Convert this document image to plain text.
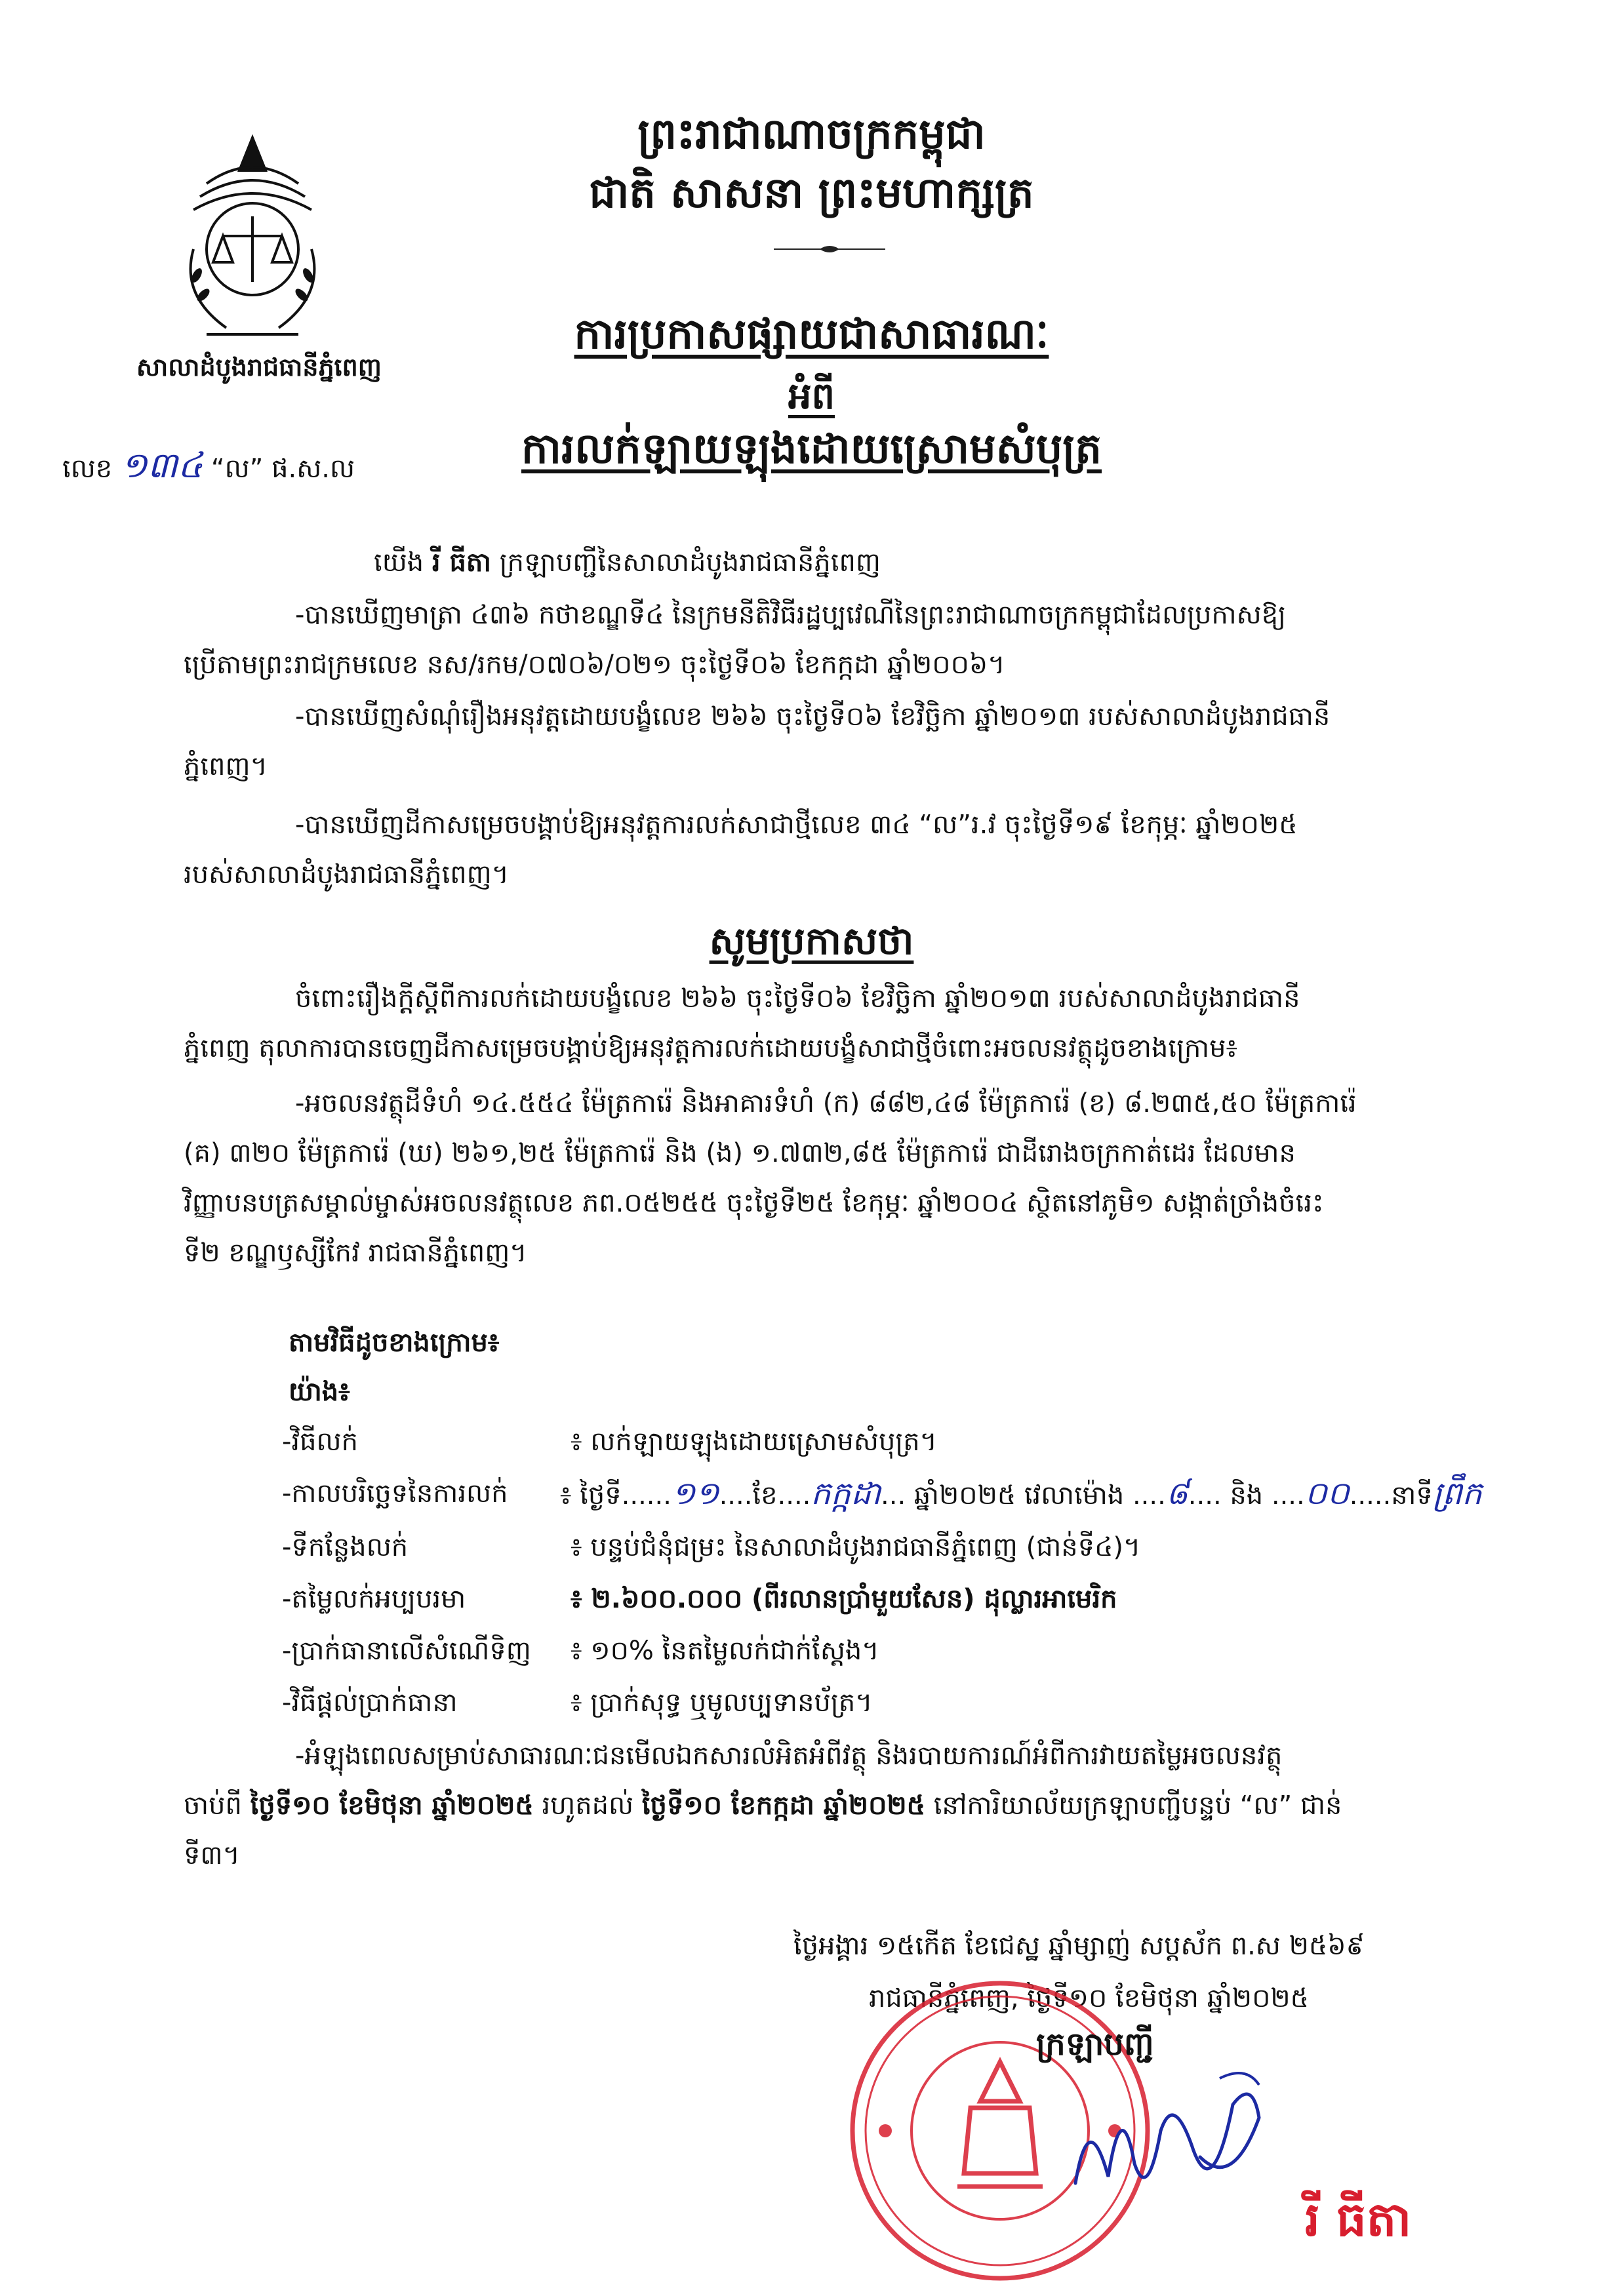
ព្រះរាជាណាចក្រកម្ពុជា
ជាតិ សាសនា ព្រះមហាក្សត្រ
សាលាដំបូងរាជធានីភ្នំពេញ
លេខ ១៣៤ “ល” ផ.ស.ល
ការប្រកាសផ្សាយជាសាធារណៈ
អំពី
ការលក់ឡាយឡុងដោយស្រោមសំបុត្រ
យើង រី ធីតា ក្រឡាបញ្ជីនៃសាលាដំបូងរាជធានីភ្នំពេញ
-បានឃើញមាត្រា ៤៣៦ កថាខណ្ឌទី៤ នៃក្រមនីតិវិធីរដ្ឋប្បវេណីនៃព្រះរាជាណាចក្រកម្ពុជាដែលប្រកាសឱ្យ
ប្រើតាមព្រះរាជក្រមលេខ នស/រកម/០៧០៦/០២១ ចុះថ្ងៃទី០៦ ខែកក្កដា ឆ្នាំ២០០៦។
-បានឃើញសំណុំរឿងអនុវត្តដោយបង្ខំលេខ ២៦៦ ចុះថ្ងៃទី០៦ ខែវិច្ឆិកា ឆ្នាំ២០១៣ របស់សាលាដំបូងរាជធានី
ភ្នំពេញ។
-បានឃើញដីកាសម្រេចបង្គាប់ឱ្យអនុវត្តការលក់សាជាថ្មីលេខ ៣៤ “ល”រ.វ ចុះថ្ងៃទី១៩ ខែកុម្ភៈ ឆ្នាំ២០២៥
របស់សាលាដំបូងរាជធានីភ្នំពេញ។
សូមប្រកាសថា
ចំពោះរឿងក្តីស្តីពីការលក់ដោយបង្ខំលេខ ២៦៦ ចុះថ្ងៃទី០៦ ខែវិច្ឆិកា ឆ្នាំ២០១៣ របស់សាលាដំបូងរាជធានី
ភ្នំពេញ តុលាការបានចេញដីកាសម្រេចបង្គាប់ឱ្យអនុវត្តការលក់ដោយបង្ខំសាជាថ្មីចំពោះអចលនវត្ថុដូចខាងក្រោម៖
-អចលនវត្ថុដីទំហំ ១៤.៥៥៤ ម៉ែត្រការ៉េ និងអាគារទំហំ (ក) ៨៨២,៤៨ ម៉ែត្រការ៉េ (ខ) ៨.២៣៥,៥០ ម៉ែត្រការ៉េ
(គ) ៣២០ ម៉ែត្រការ៉េ (ឃ) ២៦១,២៥ ម៉ែត្រការ៉េ និង (ង) ១.៧៣២,៨៥ ម៉ែត្រការ៉េ ជាដីរោងចក្រកាត់ដេរ ដែលមាន
វិញ្ញាបនបត្រសម្គាល់ម្ចាស់អចលនវត្ថុលេខ ភព.០៥២៥៥ ចុះថ្ងៃទី២៥ ខែកុម្ភៈ ឆ្នាំ២០០៤ ស្ថិតនៅភូមិ១ សង្កាត់ច្រាំងចំរេះ
ទី២ ខណ្ឌឫស្សីកែវ រាជធានីភ្នំពេញ។
តាមវិធីដូចខាងក្រោម៖
យ៉ាង៖
-វិធីលក់	៖ លក់ឡាយឡុងដោយស្រោមសំបុត្រ។
-កាលបរិច្ឆេទនៃការលក់	៖ ថ្ងៃទី......១១....ខែ....កក្កដា... ឆ្នាំ២០២៥ វេលាម៉ោង ....៨.... និង ....០០.....នាទីព្រឹក
-ទីកន្លែងលក់	៖ បន្ទប់ជំនុំជម្រះ នៃសាលាដំបូងរាជធានីភ្នំពេញ (ជាន់ទី៤)។
-តម្លៃលក់អប្បបរមា	៖ ២.៦០០.០០០ (ពីរលានប្រាំមួយសែន) ដុល្លារអាមេរិក
-ប្រាក់ធានាលើសំណើទិញ	៖ ១០% នៃតម្លៃលក់ជាក់ស្តែង។
-វិធីផ្តល់ប្រាក់ធានា	៖ ប្រាក់សុទ្ធ ឬមូលប្បទានប័ត្រ។
-អំឡុងពេលសម្រាប់សាធារណៈជនមើលឯកសារលំអិតអំពីវត្ថុ និងរបាយការណ៍អំពីការវាយតម្លៃអចលនវត្ថុ
ចាប់ពី ថ្ងៃទី១០ ខែមិថុនា ឆ្នាំ២០២៥ រហូតដល់ ថ្ងៃទី១០ ខែកក្កដា ឆ្នាំ២០២៥ នៅការិយាល័យក្រឡាបញ្ជីបន្ទប់ “ល” ជាន់
ទី៣។
ថ្ងៃអង្គារ ១៥កើត ខែជេស្ឋ ឆ្នាំម្សាញ់ សប្តស័ក ព.ស ២៥៦៩
រាជធានីភ្នំពេញ, ថ្ងៃទី១០ ខែមិថុនា ឆ្នាំ២០២៥
ក្រឡាបញ្ជី
រី ធីតា
